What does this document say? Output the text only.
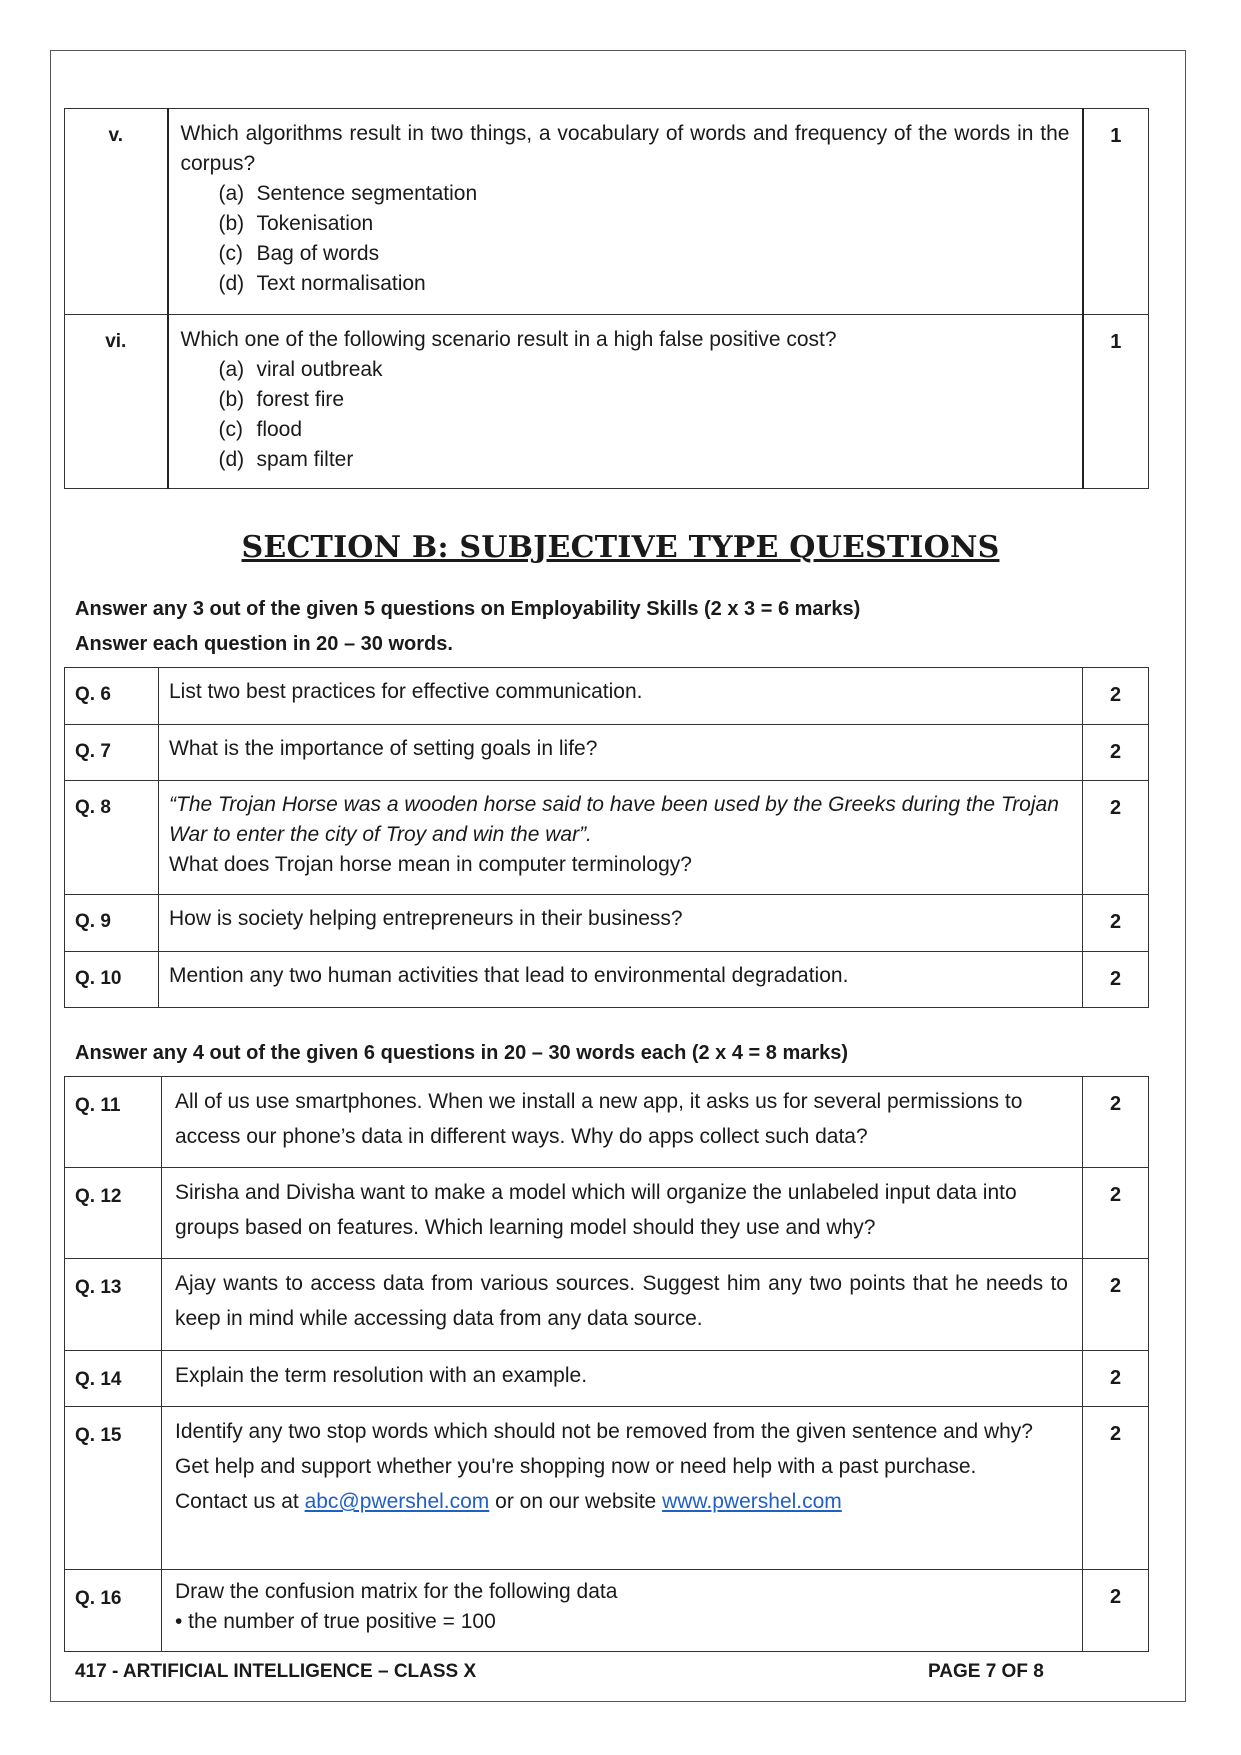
v.	Which algorithms result in two things, a vocabulary of words and frequency of the words in the corpus?
(a) Sentence segmentation
(b) Tokenisation
(c) Bag of words
(d) Text normalisation	1
vi.	Which one of the following scenario result in a high false positive cost?
(a) viral outbreak
(b) forest fire
(c) flood
(d) spam filter	1
SECTION B: SUBJECTIVE TYPE QUESTIONS
Answer any 3 out of the given 5 questions on Employability Skills (2 x 3 = 6 marks)
Answer each question in 20 – 30 words.
Q. 6	List two best practices for effective communication.	2
Q. 7	What is the importance of setting goals in life?	2
Q. 8	“The Trojan Horse was a wooden horse said to have been used by the Greeks during the Trojan War to enter the city of Troy and win the war”.
What does Trojan horse mean in computer terminology?	2
Q. 9	How is society helping entrepreneurs in their business?	2
Q. 10	Mention any two human activities that lead to environmental degradation.	2
Answer any 4 out of the given 6 questions in 20 – 30 words each (2 x 4 = 8 marks)
Q. 11	All of us use smartphones. When we install a new app, it asks us for several permissions to access our phone’s data in different ways. Why do apps collect such data?	2
Q. 12	Sirisha and Divisha want to make a model which will organize the unlabeled input data into groups based on features. Which learning model should they use and why?	2
Q. 13	Ajay wants to access data from various sources. Suggest him any two points that he needs to keep in mind while accessing data from any data source.	2
Q. 14	Explain the term resolution with an example.	2
Q. 15	Identify any two stop words which should not be removed from the given sentence and why?
Get help and support whether you're shopping now or need help with a past purchase.
Contact us at abc@pwershel.com or on our website www.pwershel.com	2
Q. 16	Draw the confusion matrix for the following data
• the number of true positive = 100	2
417 - ARTIFICIAL INTELLIGENCE – CLASS X	PAGE 7 OF 8
